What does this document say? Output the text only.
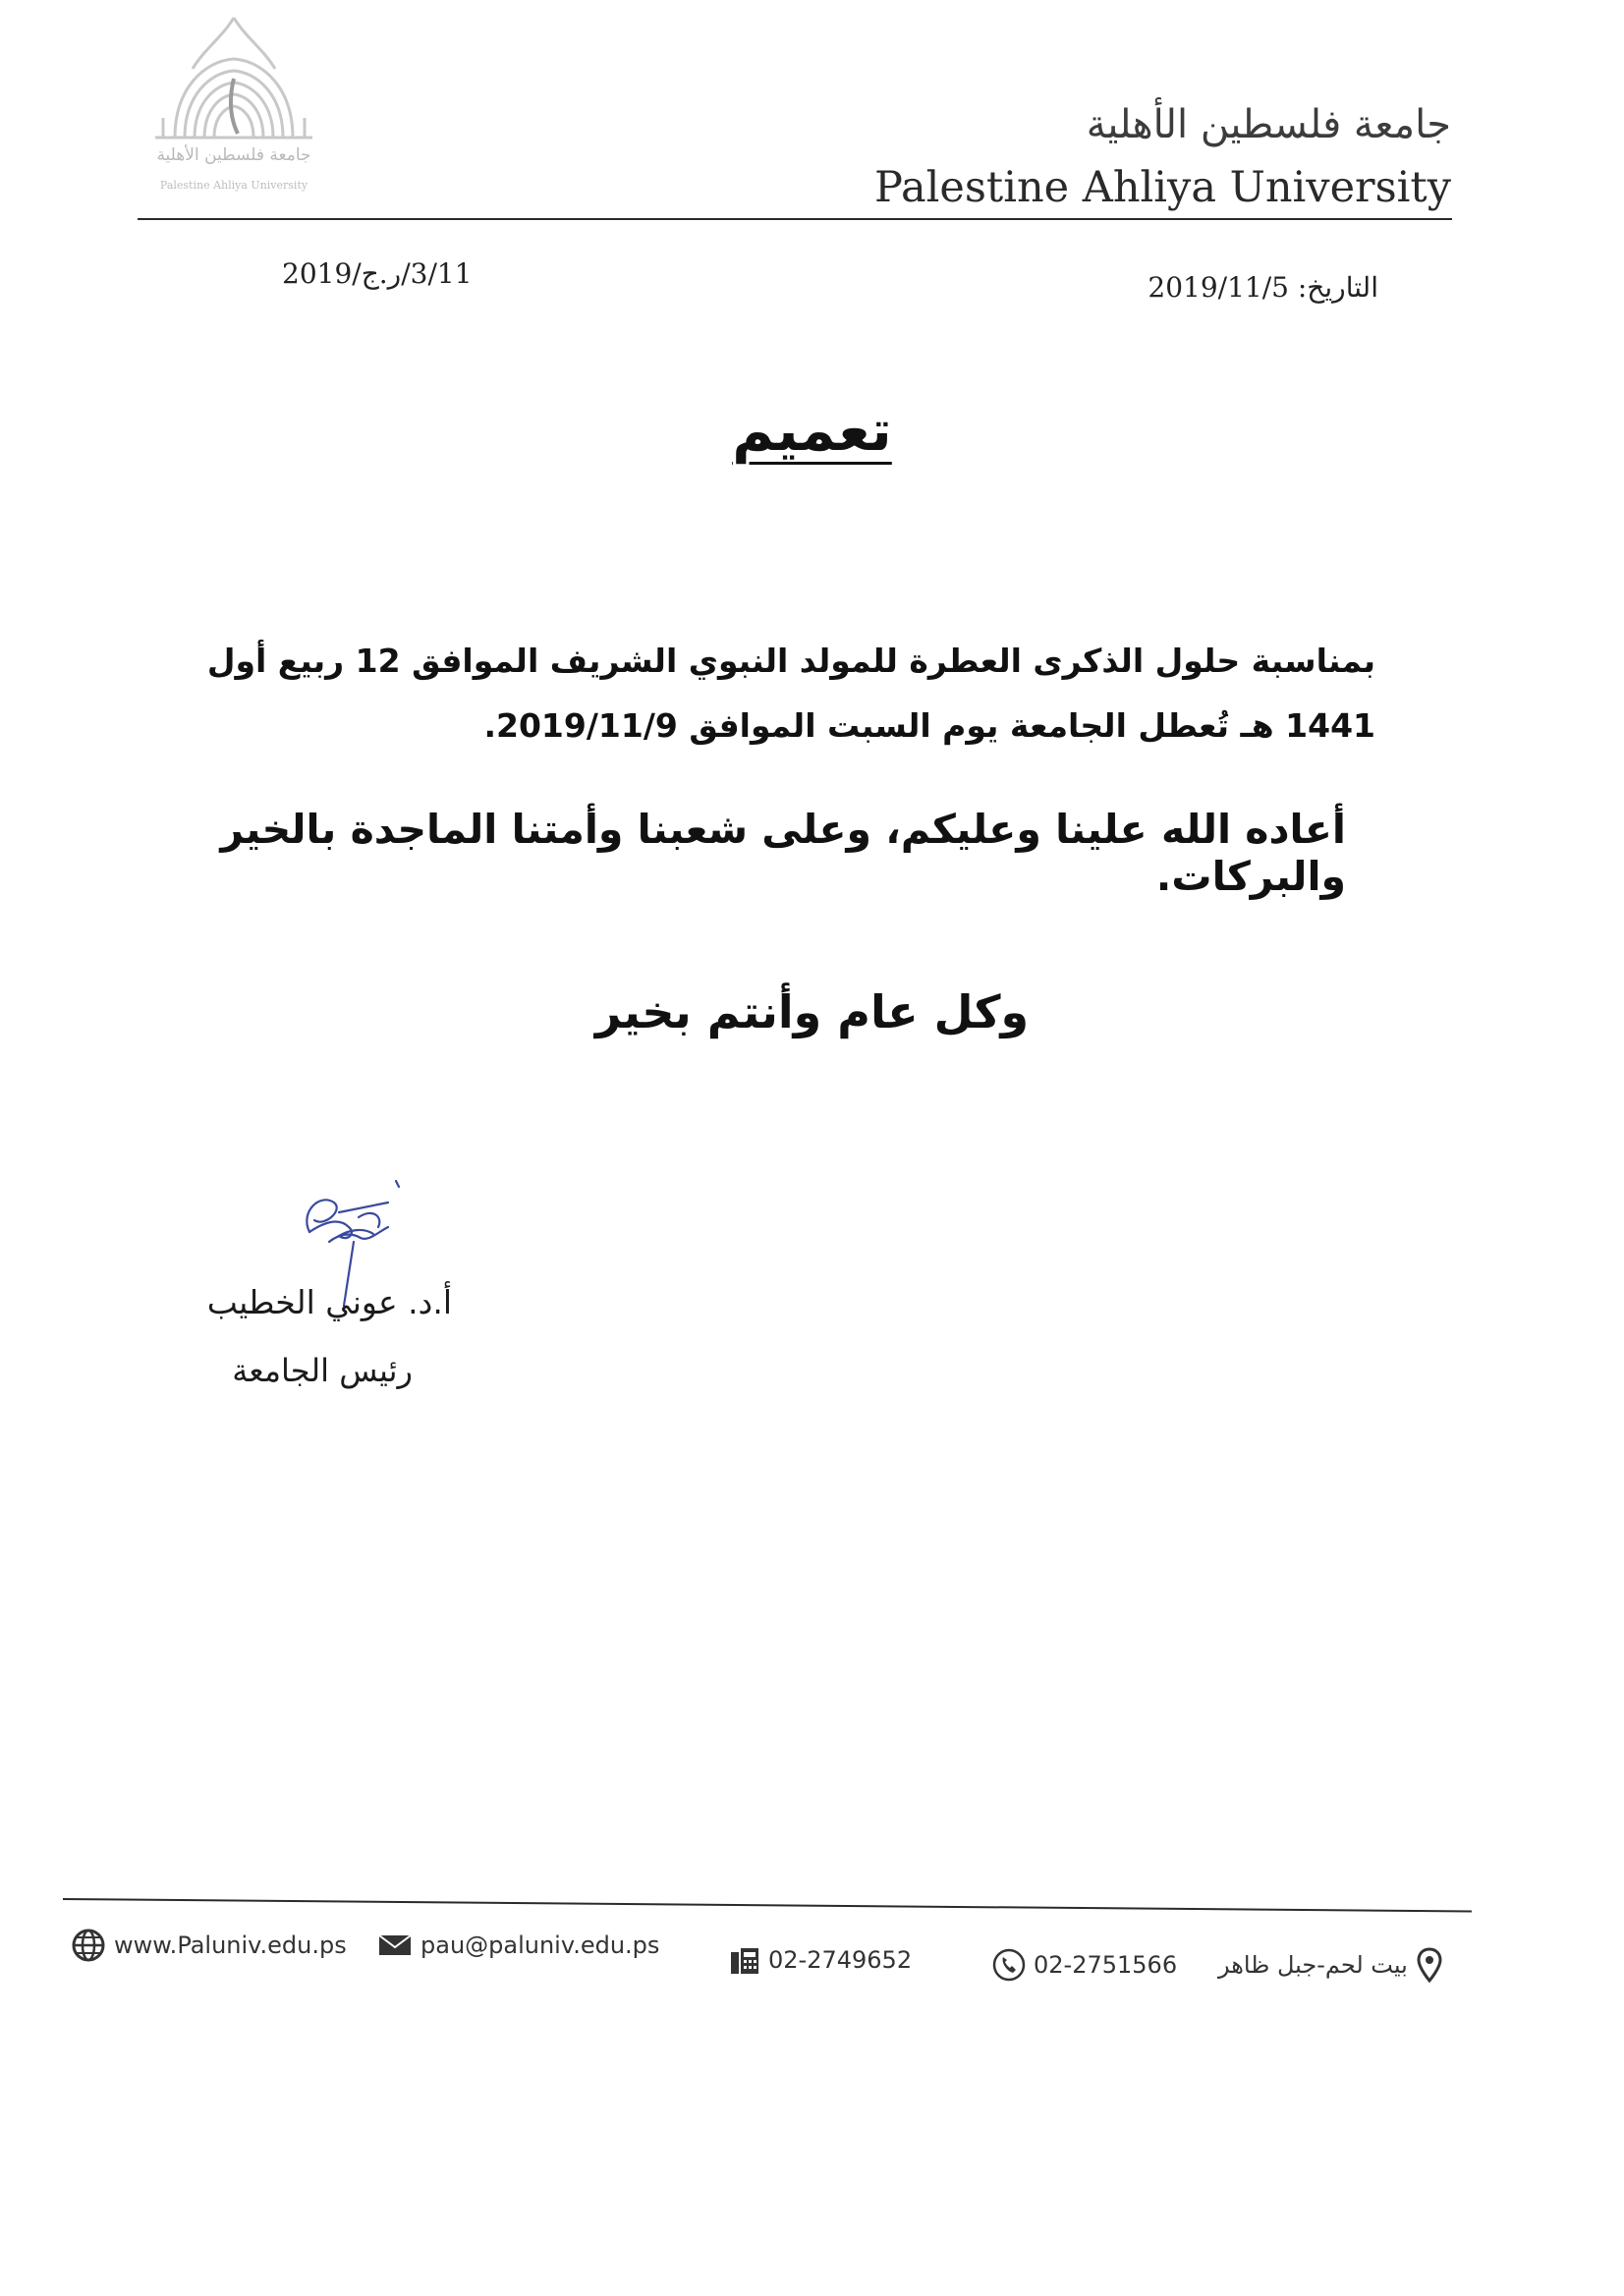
جامعة فلسطين الأهلية
Palestine Ahliya University
جامعة فلسطين الأهلية
Palestine Ahliya University
3/11/ر.ج/2019	التاريخ: 2019/11/5
تعميم
بمناسبة حلول الذكرى العطرة للمولد النبوي الشريف الموافق 12 ربيع أول 1441 هـ تُعطل الجامعة يوم السبت الموافق 2019/11/9.
أعاده الله علينا وعليكم، وعلى شعبنا وأمتنا الماجدة بالخير والبركات.
وكل عام وأنتم بخير
أ.د. عوني الخطيب
رئيس الجامعة
www.Paluniv.edu.ps	pau@paluniv.edu.ps
02-2749652	02-2751566 بيت لحم-جبل ظاهر
